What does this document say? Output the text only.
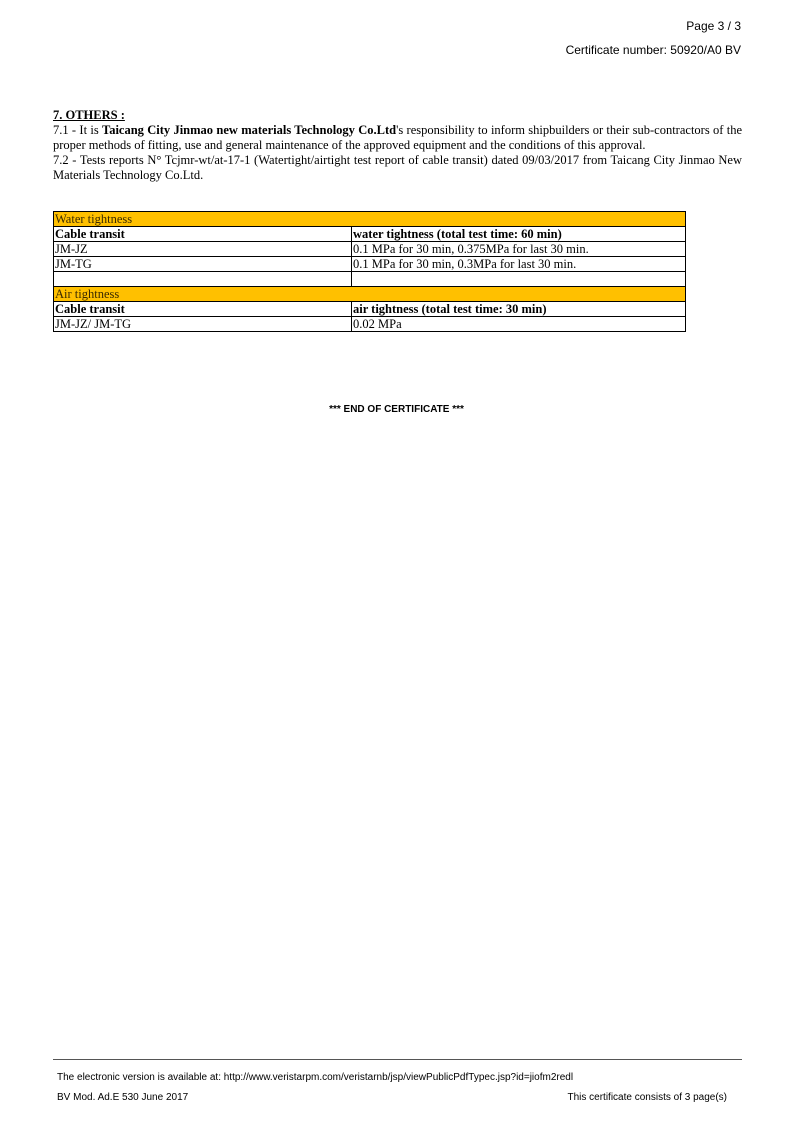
Page 3 / 3
Certificate number: 50920/A0 BV

7. OTHERS :

7.1 - It is Taicang City Jinmao new materials Technology Co.Ltd's responsibility to inform shipbuilders or their sub-contractors of the proper methods of fitting, use and general maintenance of the approved equipment and the conditions of this approval.

7.2 - Tests reports N° Tcjmr-wt/at-17-1 (Watertight/airtight test report of cable transit) dated 09/03/2017 from Taicang City Jinmao New Materials Technology Co.Ltd.

Water tightness	
Cable transit	water tightness (total test time: 60 min)
JM-JZ	0.1 MPa for 30 min, 0.375MPa for last 30 min.
JM-TG	0.1 MPa for 30 min, 0.3MPa for last 30 min.

Air tightness	
Cable transit	air tightness (total test time: 30 min)
JM-JZ/ JM-TG	0.02 MPa
*** END OF CERTIFICATE ***
The electronic version is available at: http://www.veristarpm.com/veristarnb/jsp/viewPublicPdfTypec.jsp?id=jiofm2redl
BV Mod. Ad.E 530 June 2017	This certificate consists of 3 page(s)
